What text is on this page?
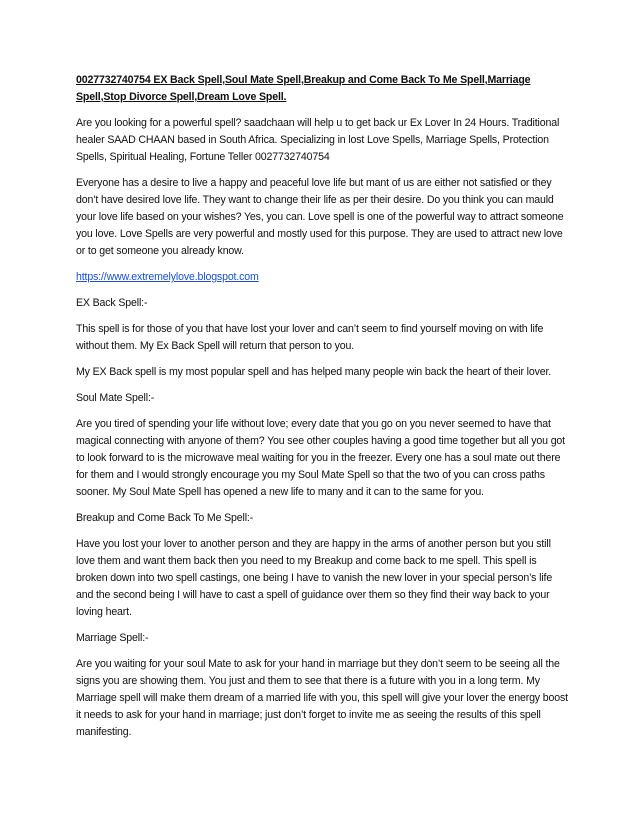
0027732740754 EX Back Spell,Soul Mate Spell,Breakup and Come Back To Me Spell,Marriage Spell,Stop Divorce Spell,Dream Love Spell.

Are you looking for a powerful spell? saadchaan will help u to get back ur Ex Lover In 24 Hours. Traditional healer SAAD CHAAN based in South Africa. Specializing in lost Love Spells, Marriage Spells, Protection Spells, Spiritual Healing, Fortune Teller 0027732740754

Everyone has a desire to live a happy and peaceful love life but mant of us are either not satisfied or they don’t have desired love life. They want to change their life as per their desire. Do you think you can mauld your love life based on your wishes? Yes, you can. Love spell is one of the powerful way to attract someone you love. Love Spells are very powerful and mostly used for this purpose. They are used to attract new love or to get someone you already know.

https://www.extremelylove.blogspot.com

EX Back Spell:-

This spell is for those of you that have lost your lover and can’t seem to find yourself moving on with life without them. My Ex Back Spell will return that person to you.

My EX Back spell is my most popular spell and has helped many people win back the heart of their lover.

Soul Mate Spell:-

Are you tired of spending your life without love; every date that you go on you never seemed to have that magical connecting with anyone of them? You see other couples having a good time together but all you got to look forward to is the microwave meal waiting for you in the freezer. Every one has a soul mate out there for them and I would strongly encourage you my Soul Mate Spell so that the two of you can cross paths sooner. My Soul Mate Spell has opened a new life to many and it can to the same for you.

Breakup and Come Back To Me Spell:-

Have you lost your lover to another person and they are happy in the arms of another person but you still love them and want them back then you need to my Breakup and come back to me spell. This spell is broken down into two spell castings, one being I have to vanish the new lover in your special person’s life and the second being I will have to cast a spell of guidance over them so they find their way back to your loving heart.

Marriage Spell:-

Are you waiting for your soul Mate to ask for your hand in marriage but they don’t seem to be seeing all the signs you are showing them. You just and them to see that there is a future with you in a long term. My Marriage spell will make them dream of a married life with you, this spell will give your lover the energy boost it needs to ask for your hand in marriage; just don’t forget to invite me as seeing the results of this spell manifesting.
